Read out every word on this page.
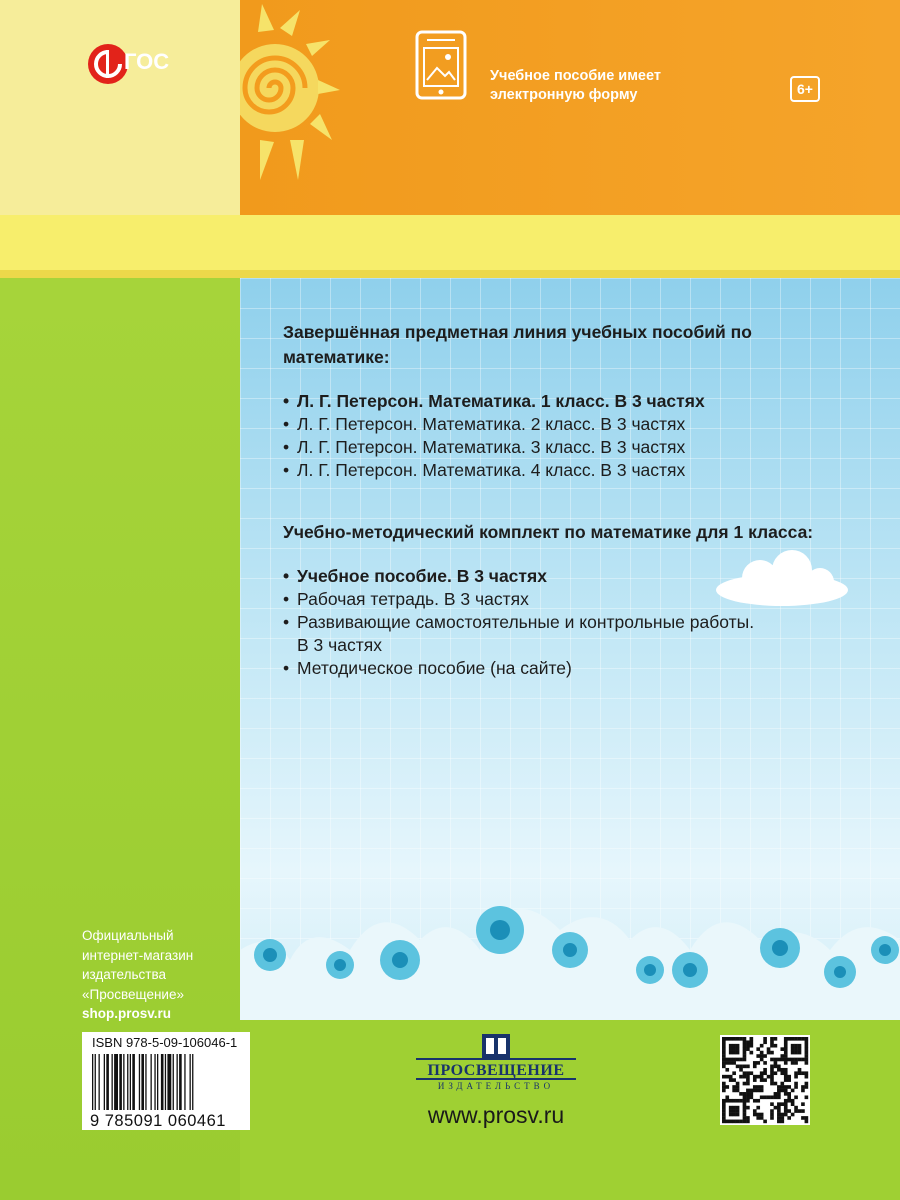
ГОС
Учебное пособие имеет электронную форму	6+
Завершённая предметная линия учебных пособий по математике:
• Л. Г. Петерсон. Математика. 1 класс. В 3 частях
• Л. Г. Петерсон. Математика. 2 класс. В 3 частях
• Л. Г. Петерсон. Математика. 3 класс. В 3 частях
• Л. Г. Петерсон. Математика. 4 класс. В 3 частях
Учебно-методический комплект по математике для 1 класса:
• Учебное пособие. В 3 частях
• Рабочая тетрадь. В 3 частях
• Развивающие самостоятельные и контрольные работы. В 3 частях
• Методическое пособие (на сайте)
Официальный
интернет-магазин
издательства
«Просвещение»
shop.prosv.ru
ISBN 978-5-09-106046-1
9 785091 060461
ПРОСВЕЩЕНИЕ
ИЗДАТЕЛЬСТВО
www.prosv.ru
